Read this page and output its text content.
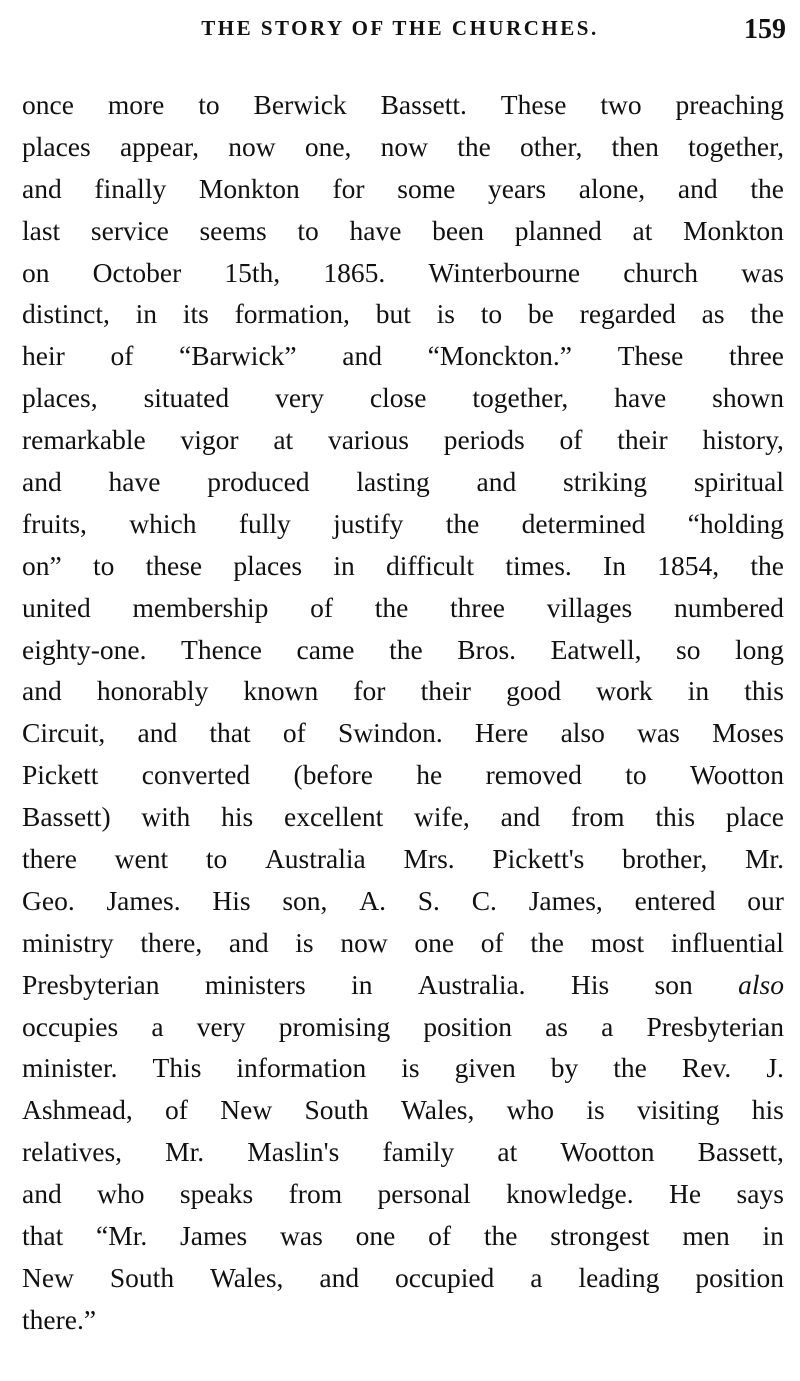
THE STORY OF THE CHURCHES.	159
once more to Berwick Bassett. These two preaching
places appear, now one, now the other, then together,
and finally Monkton for some years alone, and the
last service seems to have been planned at Monkton
on October 15th, 1865. Winterbourne church was
distinct, in its formation, but is to be regarded as the
heir of “Barwick” and “Monckton.” These three
places, situated very close together, have shown
remarkable vigor at various periods of their history,
and have produced lasting and striking spiritual
fruits, which fully justify the determined “holding
on” to these places in difficult times. In 1854, the
united membership of the three villages numbered
eighty-one. Thence came the Bros. Eatwell, so long
and honorably known for their good work in this
Circuit, and that of Swindon. Here also was Moses
Pickett converted (before he removed to Wootton
Bassett) with his excellent wife, and from this place
there went to Australia Mrs. Pickett's brother, Mr.
Geo. James. His son, A. S. C. James, entered our
ministry there, and is now one of the most influential
Presbyterian ministers in Australia. His son also
occupies a very promising position as a Presbyterian
minister. This information is given by the Rev. J.
Ashmead, of New South Wales, who is visiting his
relatives, Mr. Maslin's family at Wootton Bassett,
and who speaks from personal knowledge. He says
that “Mr. James was one of the strongest men in
New South Wales, and occupied a leading position
there.”
